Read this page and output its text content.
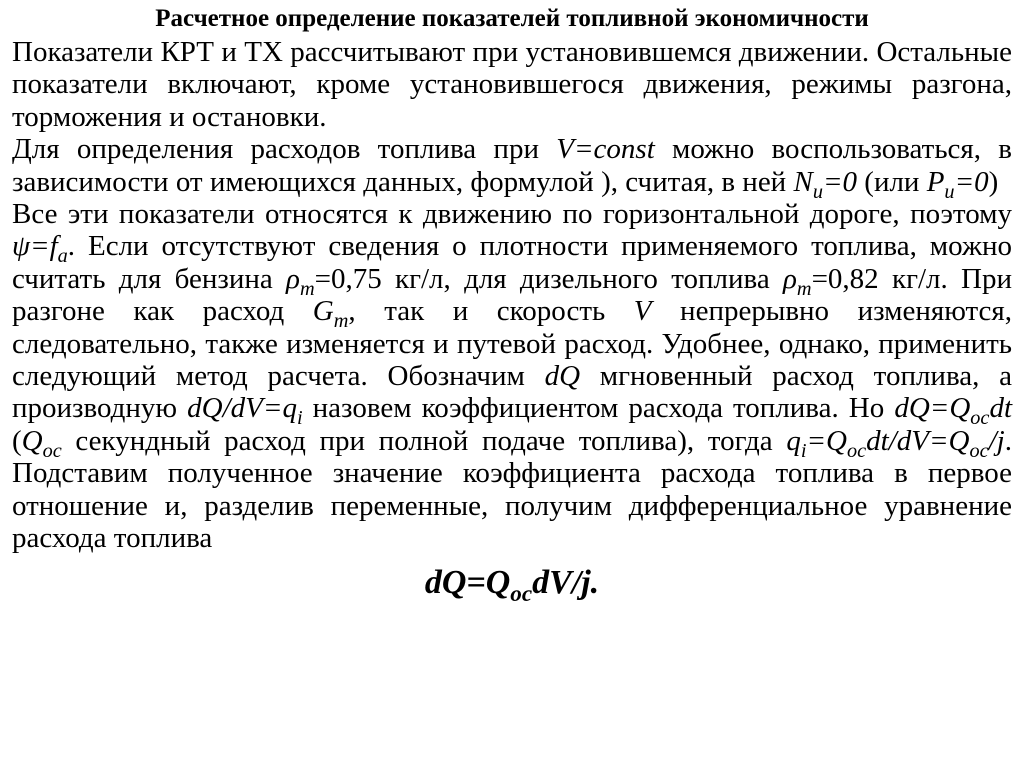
Расчетное определение показателей топливной экономичности

Показатели КРТ и ТХ рассчитывают при установившемся движении. Остальные показатели включают, кроме установившегося движения, режимы разгона, торможения и остановки.

Для определения расходов топлива при V=const можно воспользоваться, в зависимости от имеющихся данных, формулой ), считая, в ней $N_u=0$ (или $P_u=0$)

Все эти показатели относятся к движению по горизонтальной дороге, поэтому $\psi=f_a$. Если отсутствуют сведения о плотности применяемого топлива, можно считать для бензина $\rho_m=0,75$ кг/л, для дизельного топлива $\rho_m=0,82$ кг/л. При разгоне как расход $G_m$, так и скорость V непрерывно изменяются, следовательно, также изменяется и путевой расход. Удобнее, однако, применить следующий метод расчета. Обозначим dQ мгновенный расход топлива, а производную $dQ/dV=q_i$ назовем коэффициентом расхода топлива. Но $dQ=Q_{oc}dt$ ($Q_{oc}$ секундный расход при полной подаче топлива), тогда $q_i=Q_{oc}dt/dV=Q_{oc}/j$. Подставим полученное значение коэффициента расхода топлива в первое отношение и, разделив переменные, получим дифференциальное уравнение расхода топлива

$dQ=Q_{oc}dV/j$.
